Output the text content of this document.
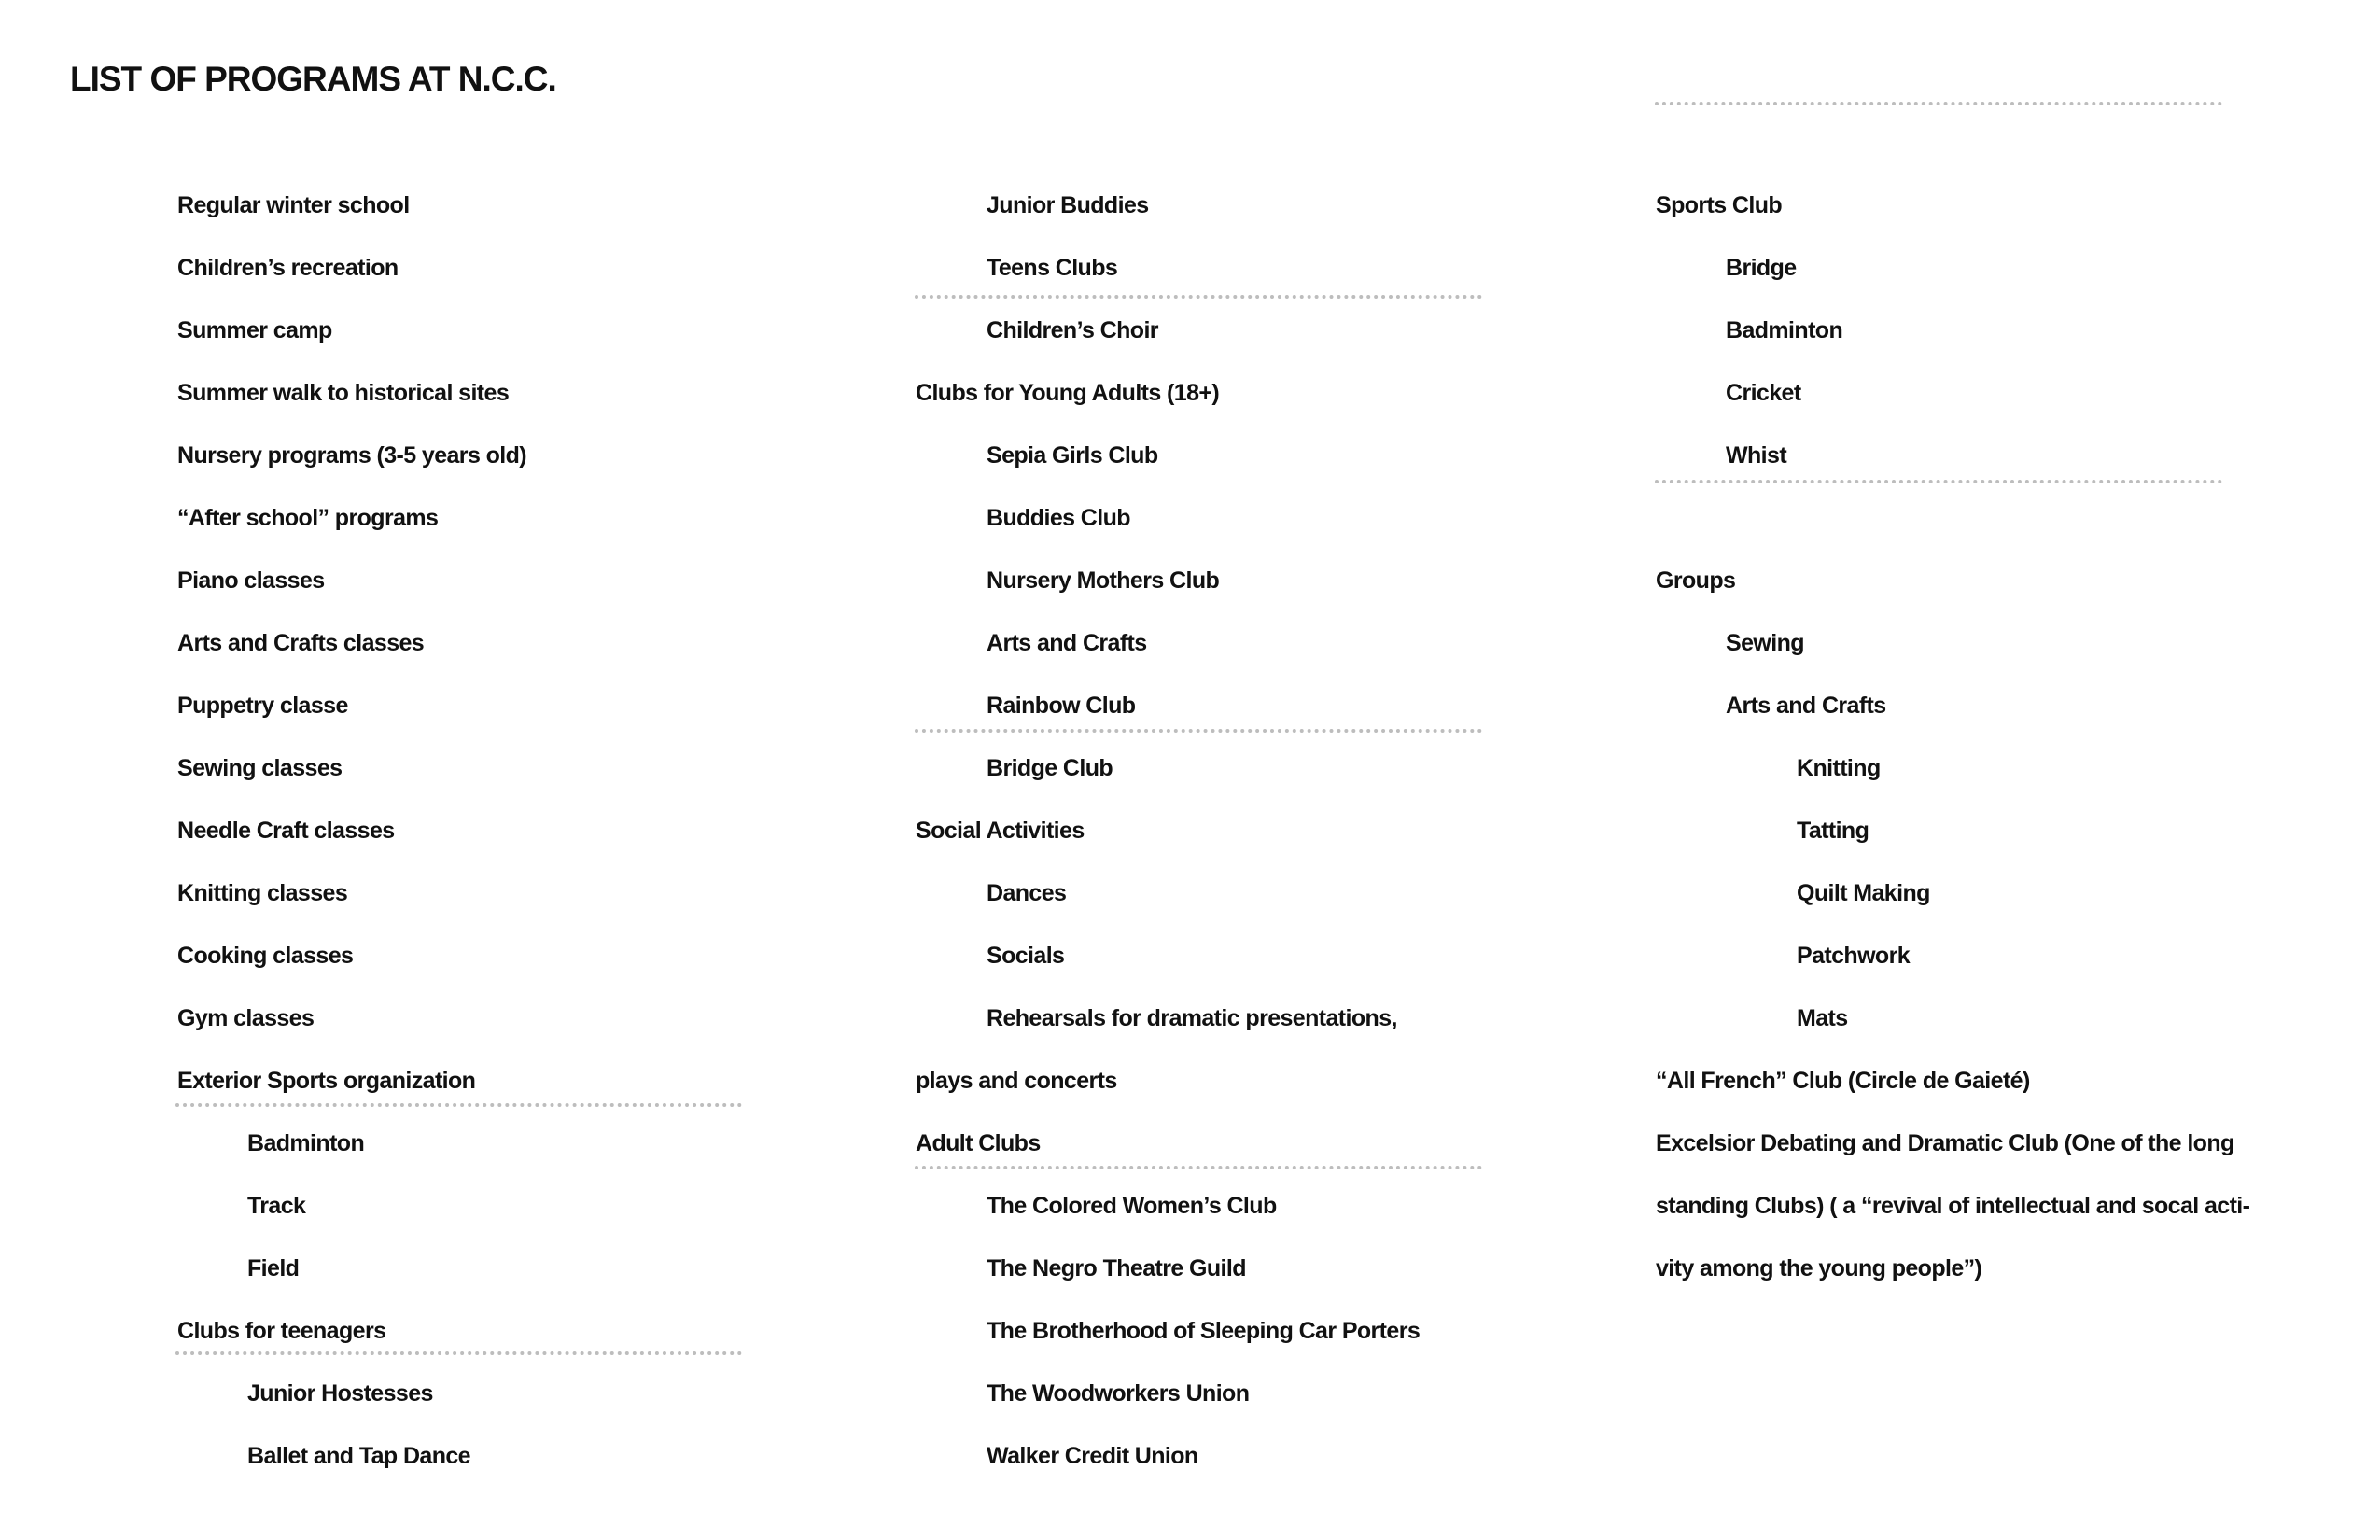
LIST OF PROGRAMS AT N.C.C.
Regular winter school
Children’s recreation
Summer camp
Summer walk to historical sites
Nursery programs (3-5 years old)
“After school” programs
Piano classes
Arts and Crafts classes
Puppetry classe
Sewing classes
Needle Craft classes
Knitting classes
Cooking classes
Gym classes
Exterior Sports organization
Badminton
Track
Field
Clubs for teenagers
Junior Hostesses
Ballet and Tap Dance
Junior Buddies
Teens Clubs
Children’s Choir
Clubs for Young Adults (18+)
Sepia Girls Club
Buddies Club
Nursery Mothers Club
Arts and Crafts
Rainbow Club
Bridge Club
Social Activities
Dances
Socials
Rehearsals for dramatic presentations,
plays and concerts
Adult Clubs
The Colored Women’s Club
The Negro Theatre Guild
The Brotherhood of Sleeping Car Porters
The Woodworkers Union
Walker Credit Union
Sports Club
Bridge
Badminton
Cricket
Whist
Groups
Sewing
Arts and Crafts
Knitting
Tatting
Quilt Making
Patchwork
Mats
“All French” Club (Circle de Gaieté)
Excelsior Debating and Dramatic Club (One of the long
standing Clubs) ( a “revival of intellectual and socal acti-
vity among the young people”)
